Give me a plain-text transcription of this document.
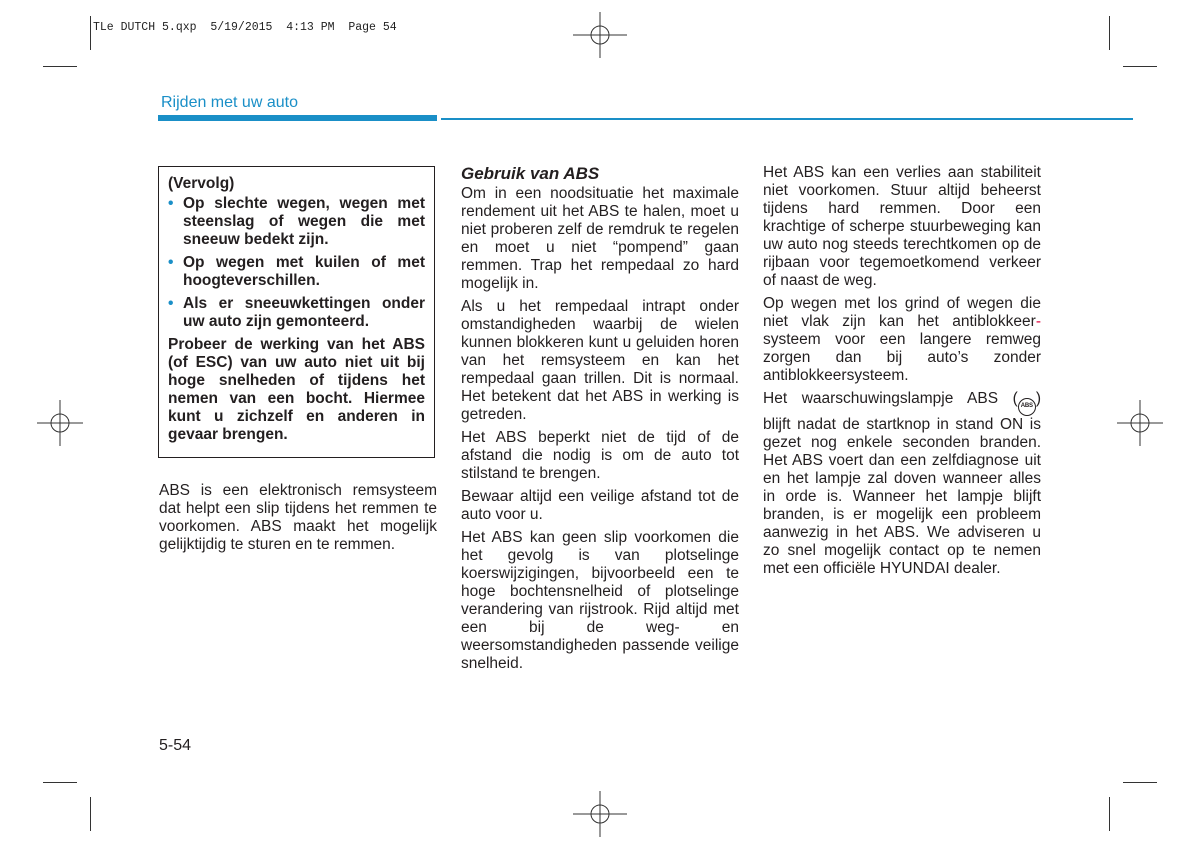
TLe DUTCH 5.qxp  5/19/2015  4:13 PM  Page 54
Rijden met uw auto
(Vervolg)
• Op slechte wegen, wegen met steenslag of wegen die met sneeuw bedekt zijn.
• Op wegen met kuilen of met hoogteverschillen.
• Als er sneeuwkettingen onder uw auto zijn gemonteerd.
Probeer de werking van het ABS (of ESC) van uw auto niet uit bij hoge snelheden of tijdens het nemen van een bocht. Hiermee kunt u zichzelf en anderen in gevaar brengen.

ABS is een elektronisch remsysteem dat helpt een slip tijdens het remmen te voorkomen. ABS maakt het mogelijk gelijktijdig te sturen en te remmen.

Gebruik van ABS

Om in een noodsituatie het maximale rendement uit het ABS te halen, moet u niet proberen zelf de remdruk te regelen en moet u niet “pompend” gaan remmen. Trap het rempedaal zo hard mogelijk in.

Als u het rempedaal intrapt onder omstandigheden waarbij de wielen kunnen blokkeren kunt u geluiden horen van het remsysteem en kan het rempedaal gaan trillen. Dit is normaal. Het betekent dat het ABS in werking is getreden.

Het ABS beperkt niet de tijd of de afstand die nodig is om de auto tot stilstand te brengen.

Bewaar altijd een veilige afstand tot de auto voor u.

Het ABS kan geen slip voorkomen die het gevolg is van plotselinge koerswijzigingen, bijvoorbeeld een te hoge bochtensnelheid of plotselinge verandering van rijstrook. Rijd altijd met een bij de weg- en weersomstandigheden passende veilige snelheid.

Het ABS kan een verlies aan stabiliteit niet voorkomen. Stuur altijd beheerst tijdens hard remmen. Door een krachtige of scherpe stuurbeweging kan uw auto nog steeds terechtkomen op de rijbaan voor tegemoetkomend verkeer of naast de weg.

Op wegen met los grind of wegen die niet vlak zijn kan het antiblokkeer- systeem voor een langere remweg zorgen dan bij auto’s zonder antiblokkeersysteem.

Het waarschuwingslampje ABS ( ABS ) blijft nadat de startknop in stand ON is gezet nog enkele seconden branden. Het ABS voert dan een zelfdiagnose uit en het lampje zal doven wanneer alles in orde is. Wanneer het lampje blijft branden, is er mogelijk een probleem aanwezig in het ABS. We adviseren u zo snel mogelijk contact op te nemen met een officiële HYUNDAI dealer.

5-54
